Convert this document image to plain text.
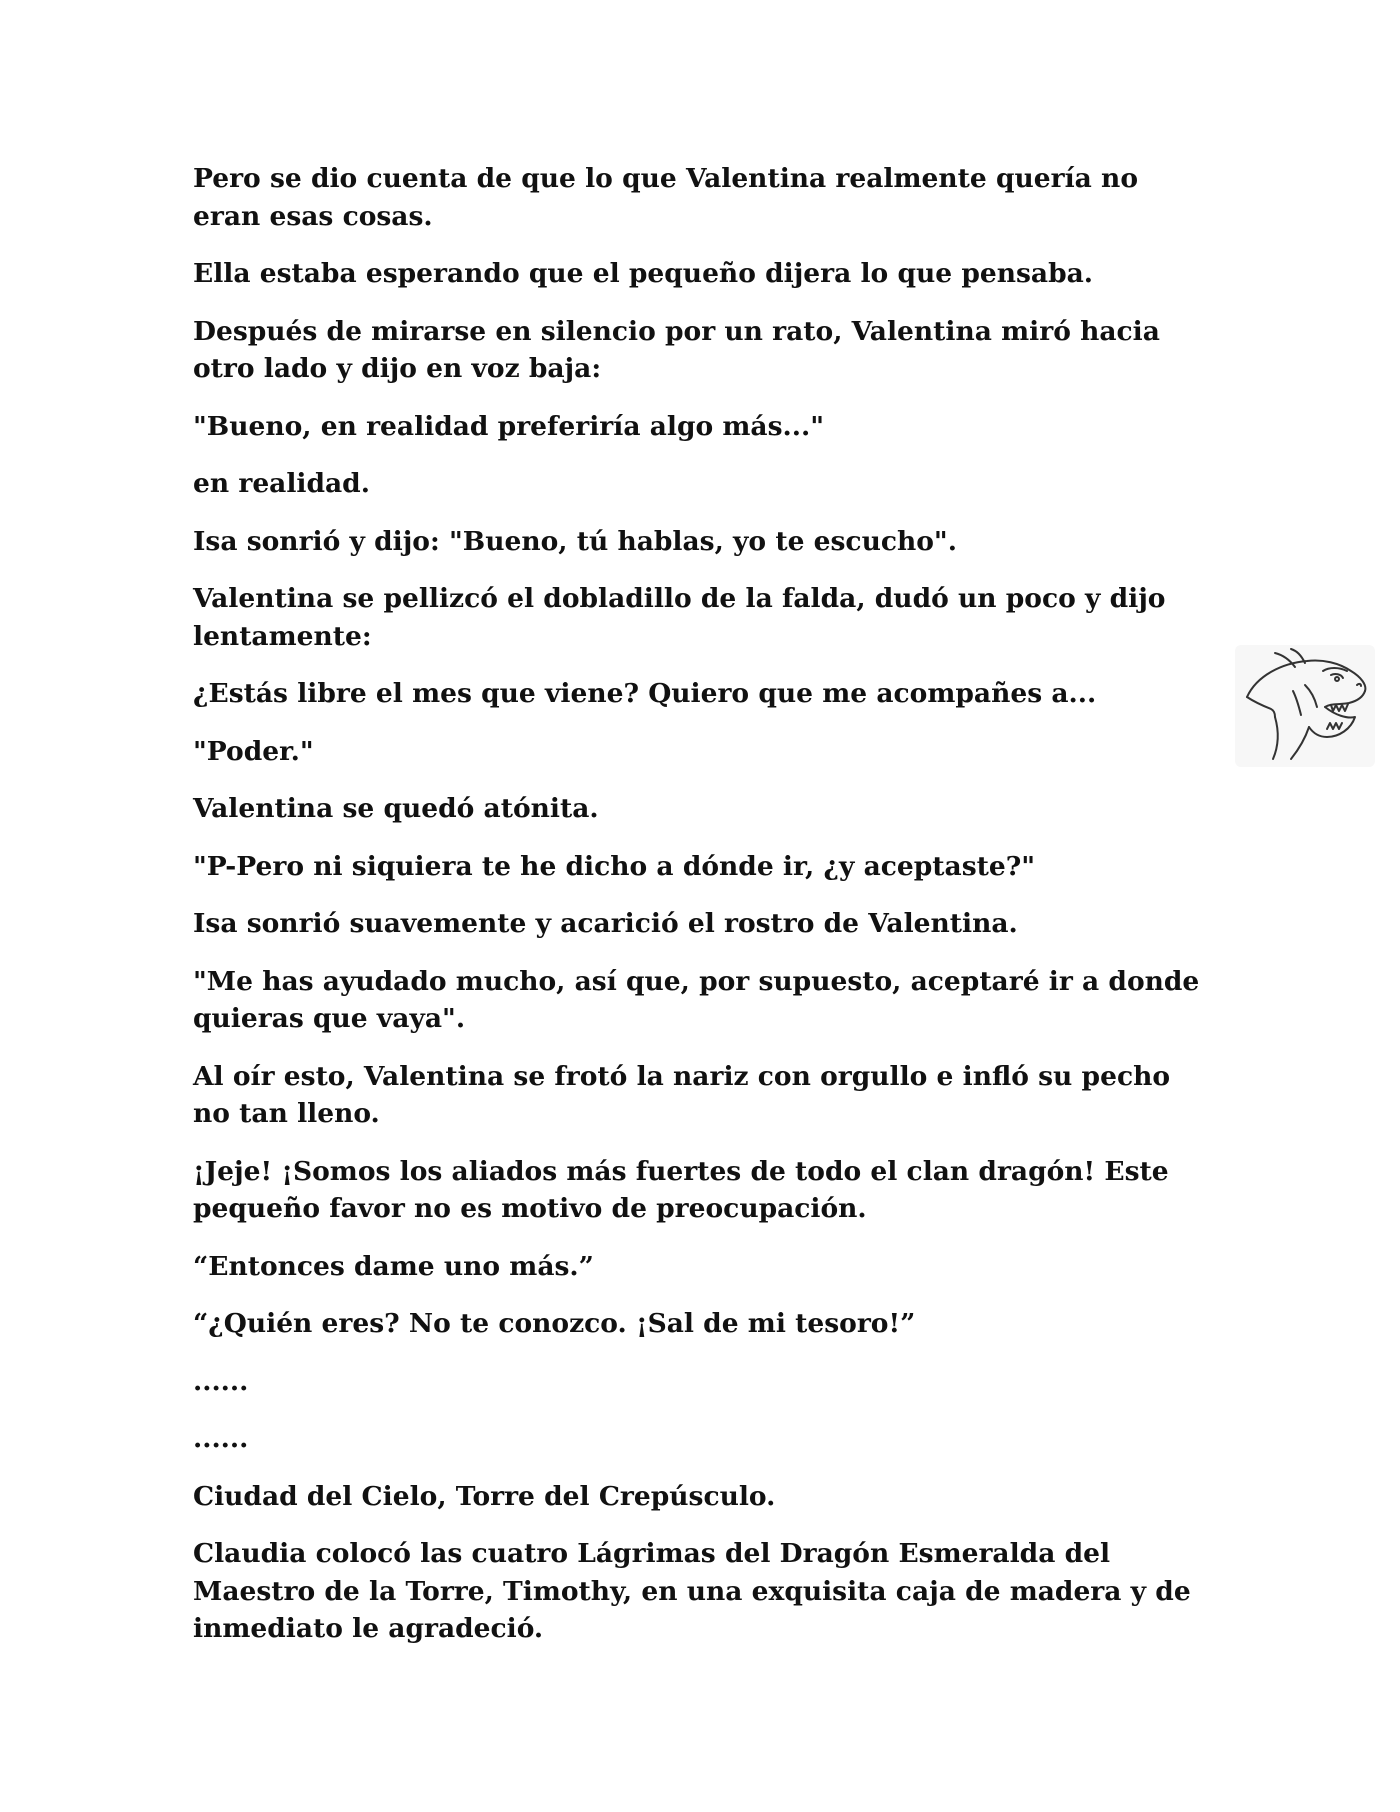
Pero se dio cuenta de que lo que Valentina realmente quería no eran esas cosas.

Ella estaba esperando que el pequeño dijera lo que pensaba.

Después de mirarse en silencio por un rato, Valentina miró hacia otro lado y dijo en voz baja:

"Bueno, en realidad preferiría algo más..."

en realidad.

Isa sonrió y dijo: "Bueno, tú hablas, yo te escucho".

Valentina se pellizcó el dobladillo de la falda, dudó un poco y dijo lentamente:

¿Estás libre el mes que viene? Quiero que me acompañes a...

"Poder."

Valentina se quedó atónita.

"P-Pero ni siquiera te he dicho a dónde ir, ¿y aceptaste?"

Isa sonrió suavemente y acarició el rostro de Valentina.

"Me has ayudado mucho, así que, por supuesto, aceptaré ir a donde quieras que vaya".

Al oír esto, Valentina se frotó la nariz con orgullo e infló su pecho no tan lleno.

¡Jeje! ¡Somos los aliados más fuertes de todo el clan dragón! Este pequeño favor no es motivo de preocupación.

“Entonces dame uno más.”

“¿Quién eres? No te conozco. ¡Sal de mi tesoro!”

......

......

Ciudad del Cielo, Torre del Crepúsculo.

Claudia colocó las cuatro Lágrimas del Dragón Esmeralda del Maestro de la Torre, Timothy, en una exquisita caja de madera y de inmediato le agradeció.
